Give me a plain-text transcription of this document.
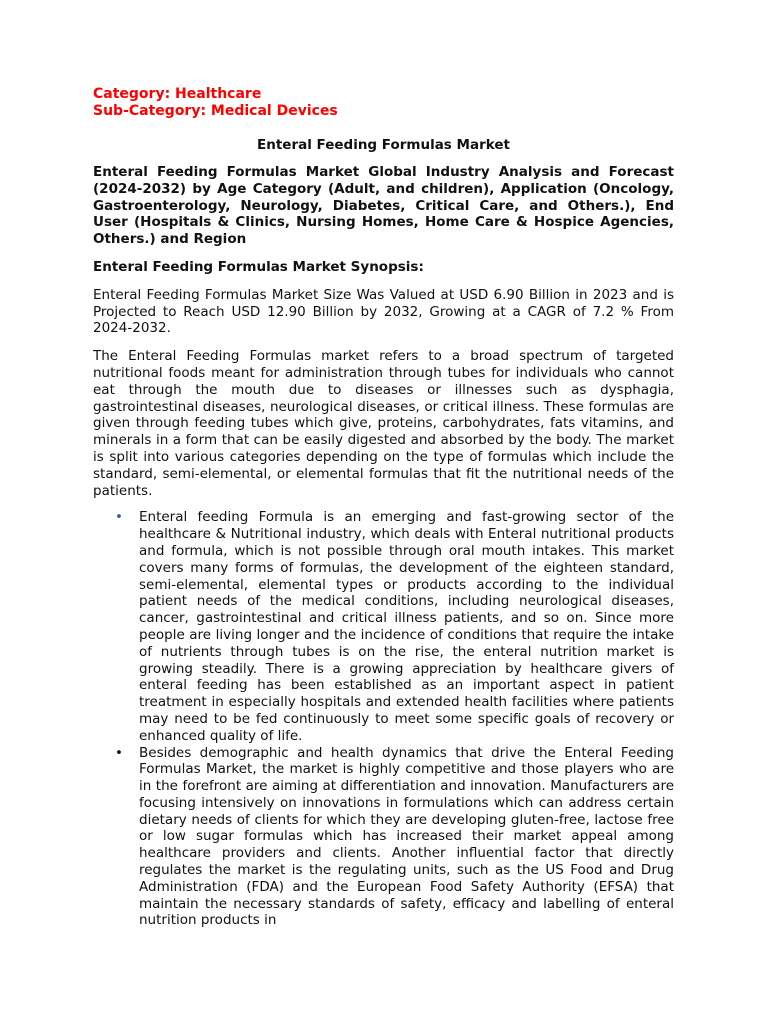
Category: Healthcare

Sub-Category: Medical Devices

Enteral Feeding Formulas Market

Enteral Feeding Formulas Market Global Industry Analysis and Forecast (2024-2032) by Age Category (Adult, and children), Application (Oncology, Gastroenterology, Neurology, Diabetes, Critical Care, and Others.), End User (Hospitals & Clinics, Nursing Homes, Home Care & Hospice Agencies, Others.) and Region

Enteral Feeding Formulas Market Synopsis:

Enteral Feeding Formulas Market Size Was Valued at USD 6.90 Billion in 2023 and is Projected to Reach USD 12.90 Billion by 2032, Growing at a CAGR of 7.2 % From 2024-2032.

The Enteral Feeding Formulas market refers to a broad spectrum of targeted nutritional foods meant for administration through tubes for individuals who cannot eat through the mouth due to diseases or illnesses such as dysphagia, gastrointestinal diseases, neurological diseases, or critical illness. These formulas are given through feeding tubes which give, proteins, carbohydrates, fats vitamins, and minerals in a form that can be easily digested and absorbed by the body. The market is split into various categories depending on the type of formulas which include the standard, semi-elemental, or elemental formulas that fit the nutritional needs of the patients.

• Enteral feeding Formula is an emerging and fast-growing sector of the healthcare & Nutritional industry, which deals with Enteral nutritional products and formula, which is not possible through oral mouth intakes. This market covers many forms of formulas, the development of the eighteen standard, semi-elemental, elemental types or products according to the individual patient needs of the medical conditions, including neurological diseases, cancer, gastrointestinal and critical illness patients, and so on. Since more people are living longer and the incidence of conditions that require the intake of nutrients through tubes is on the rise, the enteral nutrition market is growing steadily. There is a growing appreciation by healthcare givers of enteral feeding has been established as an important aspect in patient treatment in especially hospitals and extended health facilities where patients may need to be fed continuously to meet some specific goals of recovery or enhanced quality of life.
• Besides demographic and health dynamics that drive the Enteral Feeding Formulas Market, the market is highly competitive and those players who are in the forefront are aiming at differentiation and innovation. Manufacturers are focusing intensively on innovations in formulations which can address certain dietary needs of clients for which they are developing gluten-free, lactose free or low sugar formulas which has increased their market appeal among healthcare providers and clients. Another influential factor that directly regulates the market is the regulating units, such as the US Food and Drug Administration (FDA) and the European Food Safety Authority (EFSA) that maintain the necessary standards of safety, efficacy and labelling of enteral nutrition products in
